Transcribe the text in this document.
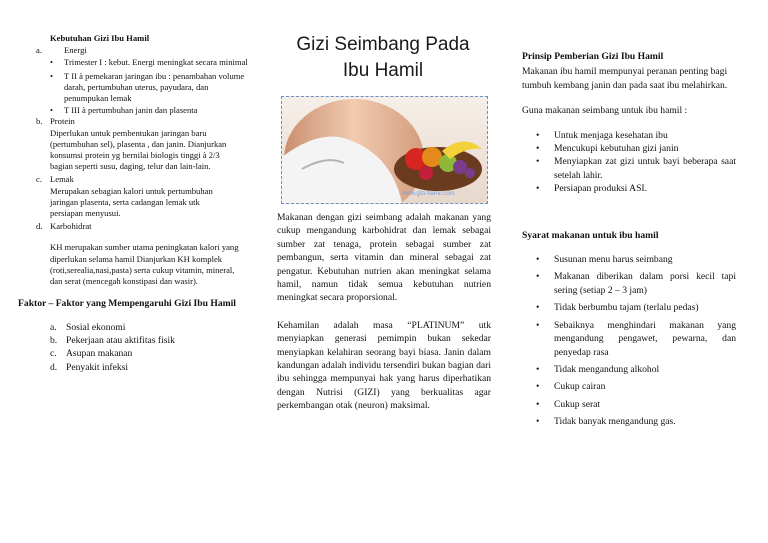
Kebutuhan Gizi Ibu Hamil
a.	Energi
• Trimester I : kebut. Energi meningkat secara minimal
• T II à pemekaran jaringan ibu : penambahan volume darah, pertumbuhan uterus, payudara, dan penumpukan lemak
• T III à pertumbuhan janin dan plasenta
b. Protein
Diperlukan untuk pembentukan jaringan baru (pertumbuhan sel), plasenta , dan janin. Dianjurkan konsumsi protein yg bernilai biologis tinggi à 2/3 bagian seperti susu, daging, telur dan lain-lain.
c. Lemak
Merupakan sebagian kalori untuk pertumbuhan jaringan plasenta, serta cadangan lemak utk persiapan menyusui.
d. Karbohidrat
KH merupakan sumber utama peningkatan kalori yang diperlukan selama hamil Dianjurkan KH komplek (roti,serealia,nasi,pasta) serta cukup vitamin, mineral, dan serat (mencegah konstipasi dan wasir).
Faktor – Faktor yang Mempengaruhi Gizi Ibu Hamil
a. Sosial ekonomi
b. Pekerjaan atau aktifitas fisik
c. Asupan makanan
d. Penyakit infeksi
Gizi Seimbang Pada Ibu Hamil
www.gizi-hamil.com
Makanan dengan gizi seimbang adalah makanan yang cukup mengandung karbohidrat dan lemak sebagai sumber zat tenaga, protein sebagai sumber zat pembangun, serta vitamin dan mineral sebagai zat pengatur. Kebutuhan nutrien akan meningkat selama hamil, namun tidak semua kebutuhan nutrien meningkat secara proporsional.
Kehamilan adalah masa “PLATINUM” utk menyiapkan generasi pemimpin bukan sekedar menyiapkan kelahiran seorang bayi biasa. Janin dalam kandungan adalah individu tersendiri bukan bagian dari ibu sehingga mempunyai hak yang harus diperhatikan dengan Nutrisi (GIZI) yang berkualitas agar perkembangan otak (neuron) maksimal.
Prinsip Pemberian Gizi Ibu Hamil
Makanan ibu hamil mempunyai peranan penting bagi tumbuh kembang janin dan pada saat ibu melahirkan.
Guna makanan seimbang untuk ibu hamil :
• Untuk menjaga kesehatan ibu
• Mencukupi kebutuhan gizi janin
• Menyiapkan zat gizi untuk bayi beberapa saat setelah lahir.
• Persiapan produksi ASI.
Syarat makanan untuk ibu hamil
• Susunan menu harus seimbang
• Makanan diberikan dalam porsi kecil tapi sering (setiap 2 – 3 jam)
• Tidak berbumbu tajam (terlalu pedas)
• Sebaiknya menghindari makanan yang mengandung pengawet, pewarna, dan penyedap rasa
• Tidak mengandung alkohol
• Cukup cairan
• Cukup serat
• Tidak banyak mengandung gas.
